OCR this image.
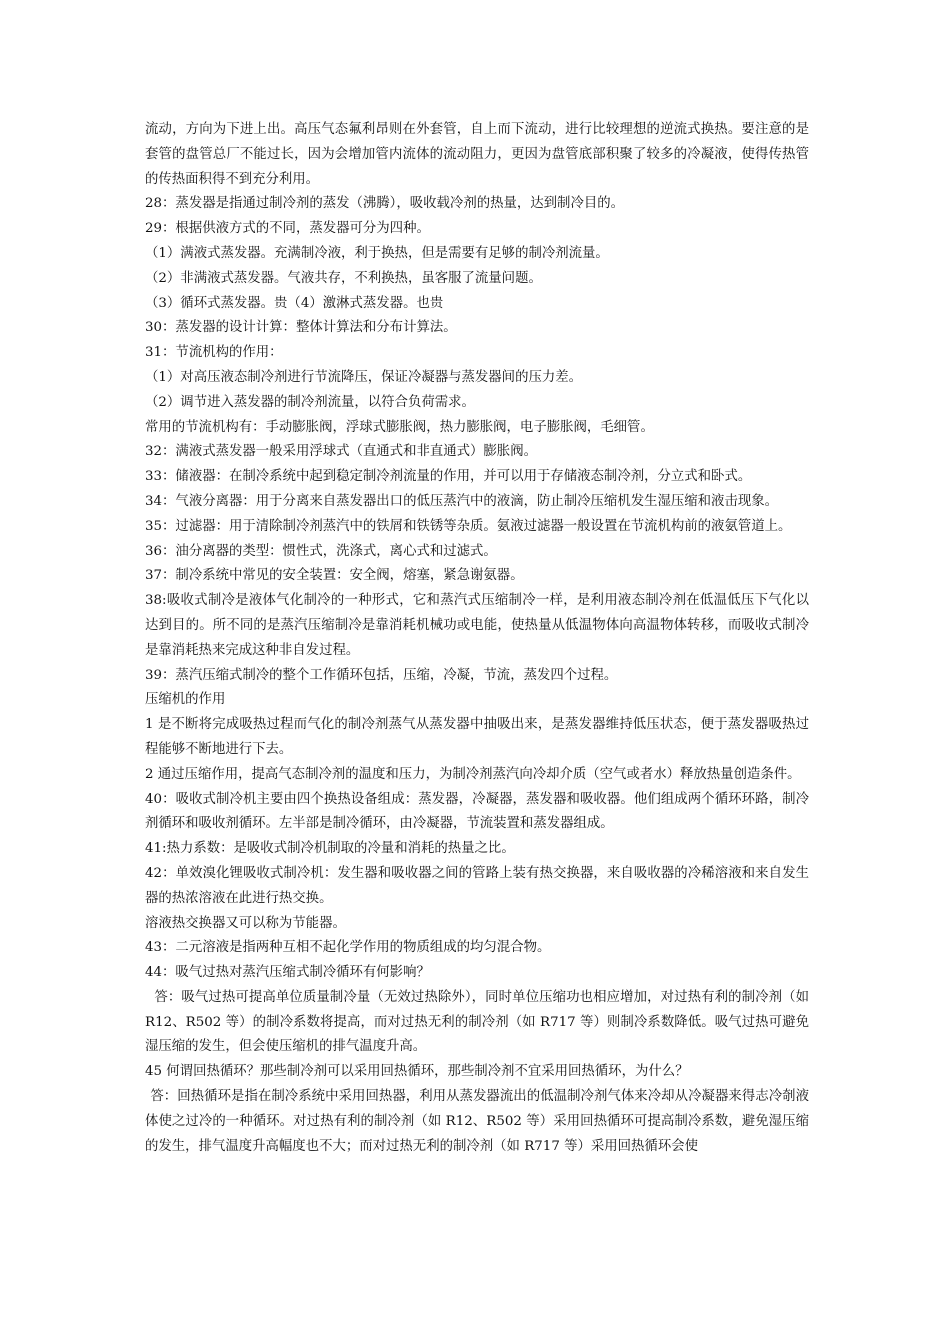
流动，方向为下进上出。高压气态氟利昂则在外套管，自上而下流动，进行比较理想的逆流式换热。要注意的是套管的盘管总厂不能过长，因为会增加管内流体的流动阻力，更因为盘管底部积聚了较多的冷凝液，使得传热管的传热面积得不到充分利用。

28：蒸发器是指通过制冷剂的蒸发（沸腾），吸收载冷剂的热量，达到制冷目的。

29：根据供液方式的不同，蒸发器可分为四种。

（1）满液式蒸发器。充满制冷液，利于换热，但是需要有足够的制冷剂流量。

（2）非满液式蒸发器。气液共存，不利换热，虽客服了流量问题。

（3）循环式蒸发器。贵（4）激淋式蒸发器。也贵

30：蒸发器的设计计算：整体计算法和分布计算法。

31：节流机构的作用：

（1）对高压液态制冷剂进行节流降压，保证冷凝器与蒸发器间的压力差。

（2）调节进入蒸发器的制冷剂流量，以符合负荷需求。

常用的节流机构有：手动膨胀阀，浮球式膨胀阀，热力膨胀阀，电子膨胀阀，毛细管。

32：满液式蒸发器一般采用浮球式（直通式和非直通式）膨胀阀。

33：储液器：在制冷系统中起到稳定制冷剂流量的作用，并可以用于存储液态制冷剂，分立式和卧式。

34：气液分离器：用于分离来自蒸发器出口的低压蒸汽中的液滴，防止制冷压缩机发生湿压缩和液击现象。

35：过滤器：用于清除制冷剂蒸汽中的铁屑和铁锈等杂质。氨液过滤器一般设置在节流机构前的液氨管道上。

36：油分离器的类型：惯性式，洗涤式，离心式和过滤式。

37：制冷系统中常见的安全装置：安全阀，熔塞，紧急谢氨器。

38:吸收式制冷是液体气化制冷的一种形式，它和蒸汽式压缩制冷一样，是利用液态制冷剂在低温低压下气化以达到目的。所不同的是蒸汽压缩制冷是靠消耗机械功或电能，使热量从低温物体向高温物体转移，而吸收式制冷是靠消耗热来完成这种非自发过程。

39：蒸汽压缩式制冷的整个工作循环包括，压缩，冷凝，节流，蒸发四个过程。

压缩机的作用

1 是不断将完成吸热过程而气化的制冷剂蒸气从蒸发器中抽吸出来，是蒸发器维持低压状态，便于蒸发器吸热过程能够不断地进行下去。

2 通过压缩作用，提高气态制冷剂的温度和压力，为制冷剂蒸汽向冷却介质（空气或者水）释放热量创造条件。

40：吸收式制冷机主要由四个换热设备组成：蒸发器，冷凝器，蒸发器和吸收器。他们组成两个循环环路，制冷剂循环和吸收剂循环。左半部是制冷循环，由冷凝器，节流装置和蒸发器组成。

41:热力系数：是吸收式制冷机制取的冷量和消耗的热量之比。

42：单效溴化锂吸收式制冷机：发生器和吸收器之间的管路上装有热交换器，来自吸收器的冷稀溶液和来自发生器的热浓溶液在此进行热交换。

溶液热交换器又可以称为节能器。

43：二元溶液是指两种互相不起化学作用的物质组成的均匀混合物。

44：吸气过热对蒸汽压缩式制冷循环有何影响？

答：吸气过热可提高单位质量制冷量（无效过热除外），同时单位压缩功也相应增加，对过热有利的制冷剂（如 R12、R502 等）的制冷系数将提高，而对过热无利的制冷剂（如 R717 等）则制冷系数降低。吸气过热可避免湿压缩的发生，但会使压缩机的排气温度升高。

45 何谓回热循环？那些制冷剂可以采用回热循环，那些制冷剂不宜采用回热循环，为什么？

答：回热循环是指在制冷系统中采用回热器，利用从蒸发器流出的低温制冷剂气体来冷却从冷凝器来得志冷剞液体使之过冷的一种循环。对过热有利的制冷剂（如 R12、R502 等）采用回热循环可提高制冷系数，避免湿压缩的发生，排气温度升高幅度也不大；而对过热无利的制冷剂（如 R717 等）采用回热循环会使
